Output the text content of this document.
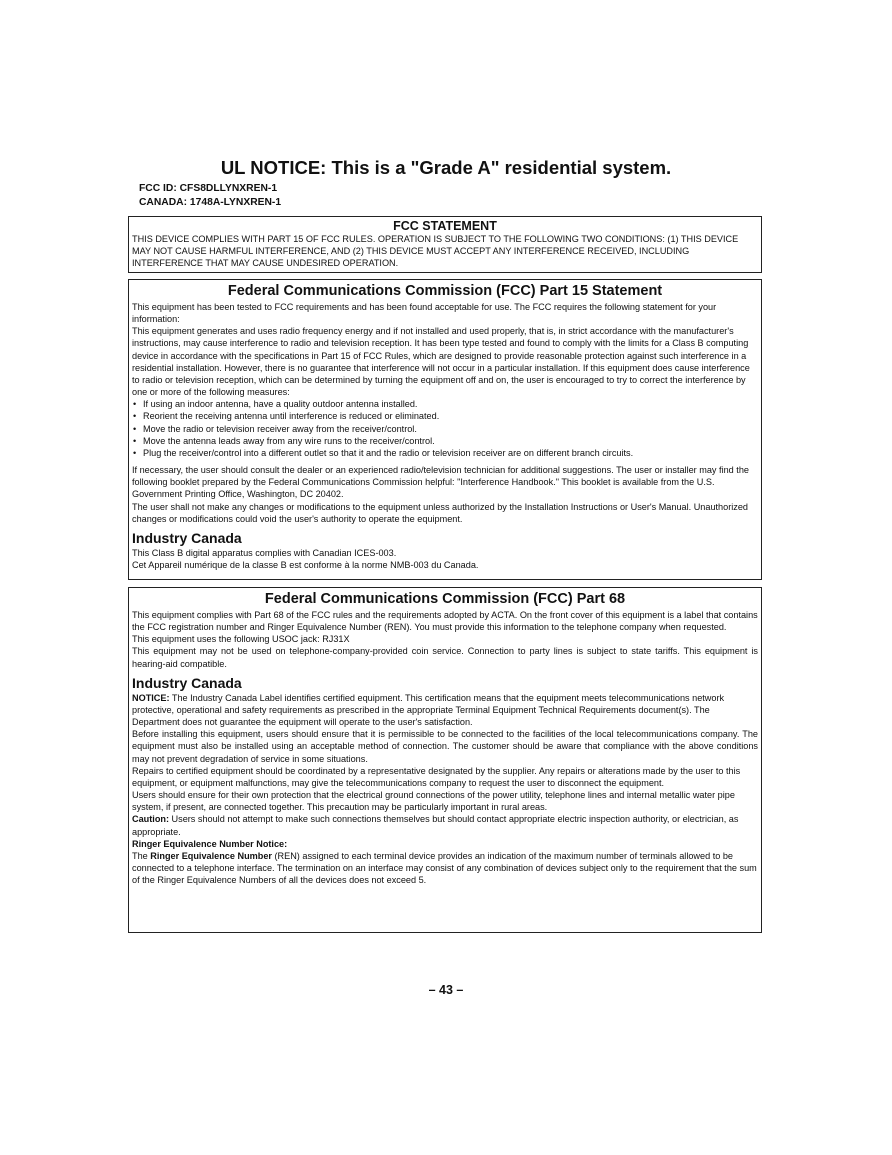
UL NOTICE: This is a "Grade A" residential system.
FCC ID: CFS8DLLYNXREN-1
CANADA: 1748A-LYNXREN-1
FCC STATEMENT

THIS DEVICE COMPLIES WITH PART 15 OF FCC RULES. OPERATION IS SUBJECT TO THE FOLLOWING TWO CONDITIONS: (1) THIS DEVICE MAY NOT CAUSE HARMFUL INTERFERENCE, AND (2) THIS DEVICE MUST ACCEPT ANY INTERFERENCE RECEIVED, INCLUDING INTERFERENCE THAT MAY CAUSE UNDESIRED OPERATION.

Federal Communications Commission (FCC) Part 15 Statement

This equipment has been tested to FCC requirements and has been found acceptable for use. The FCC requires the following statement for your information:

This equipment generates and uses radio frequency energy and if not installed and used properly, that is, in strict accordance with the manufacturer's instructions, may cause interference to radio and television reception. It has been type tested and found to comply with the limits for a Class B computing device in accordance with the specifications in Part 15 of FCC Rules, which are designed to provide reasonable protection against such interference in a residential installation. However, there is no guarantee that interference will not occur in a particular installation. If this equipment does cause interference to radio or television reception, which can be determined by turning the equipment off and on, the user is encouraged to try to correct the interference by one or more of the following measures:

• If using an indoor antenna, have a quality outdoor antenna installed.
• Reorient the receiving antenna until interference is reduced or eliminated.
• Move the radio or television receiver away from the receiver/control.
• Move the antenna leads away from any wire runs to the receiver/control.
• Plug the receiver/control into a different outlet so that it and the radio or television receiver are on different branch circuits.

If necessary, the user should consult the dealer or an experienced radio/television technician for additional suggestions. The user or installer may find the following booklet prepared by the Federal Communications Commission helpful: "Interference Handbook." This booklet is available from the U.S. Government Printing Office, Washington, DC 20402.

The user shall not make any changes or modifications to the equipment unless authorized by the Installation Instructions or User's Manual. Unauthorized changes or modifications could void the user's authority to operate the equipment.

Industry Canada

This Class B digital apparatus complies with Canadian ICES-003.

Cet Appareil numérique de la classe B est conforme à la norme NMB-003 du Canada.

Federal Communications Commission (FCC) Part 68

This equipment complies with Part 68 of the FCC rules and the requirements adopted by ACTA. On the front cover of this equipment is a label that contains the FCC registration number and Ringer Equivalence Number (REN). You must provide this information to the telephone company when requested.

This equipment uses the following USOC jack: RJ31X

This equipment may not be used on telephone-company-provided coin service. Connection to party lines is subject to state tariffs. This equipment is hearing-aid compatible.

Industry Canada

NOTICE: The Industry Canada Label identifies certified equipment. This certification means that the equipment meets telecommunications network protective, operational and safety requirements as prescribed in the appropriate Terminal Equipment Technical Requirements document(s). The Department does not guarantee the equipment will operate to the user's satisfaction.

Before installing this equipment, users should ensure that it is permissible to be connected to the facilities of the local telecommunications company. The equipment must also be installed using an acceptable method of connection. The customer should be aware that compliance with the above conditions may not prevent degradation of service in some situations.

Repairs to certified equipment should be coordinated by a representative designated by the supplier. Any repairs or alterations made by the user to this equipment, or equipment malfunctions, may give the telecommunications company to request the user to disconnect the equipment.

Users should ensure for their own protection that the electrical ground connections of the power utility, telephone lines and internal metallic water pipe system, if present, are connected together. This precaution may be particularly important in rural areas.

Caution: Users should not attempt to make such connections themselves but should contact appropriate electric inspection authority, or electrician, as appropriate.

Ringer Equivalence Number Notice:

The Ringer Equivalence Number (REN) assigned to each terminal device provides an indication of the maximum number of terminals allowed to be connected to a telephone interface. The termination on an interface may consist of any combination of devices subject only to the requirement that the sum of the Ringer Equivalence Numbers of all the devices does not exceed 5.

– 43 –
